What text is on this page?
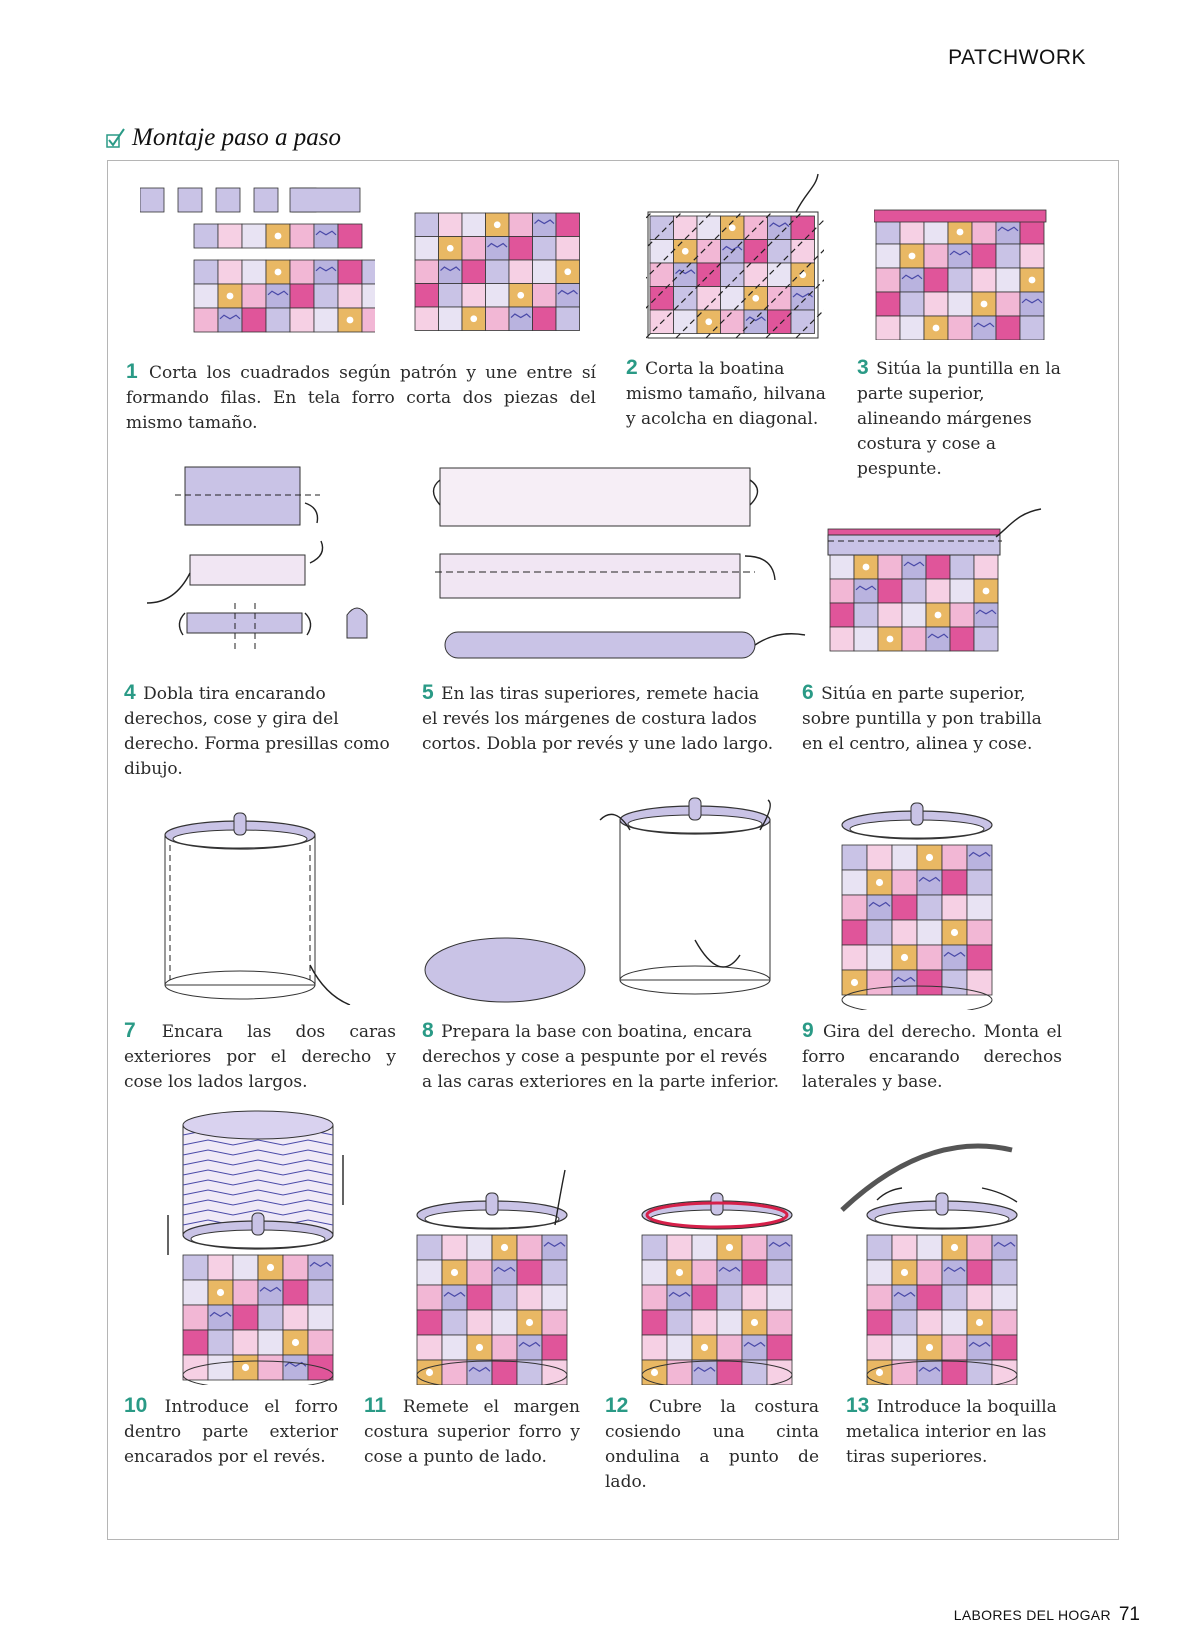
PATCHWORK
Montaje paso a paso
1 Corta los cuadrados según patrón y une entre sí formando filas. En tela forro corta dos piezas del mismo tamaño.
2 Corta la boatina mismo tamaño, hilvana y acolcha en diagonal.
3 Sitúa la puntilla en la parte superior, alineando márgenes costura y cose a pespunte.
4 Dobla tira encarando derechos, cose y gira del derecho. Forma presillas como dibujo.
5 En las tiras superiores, remete hacia el revés los márgenes de costura lados cortos. Dobla por revés y une lado largo.
6 Sitúa en parte superior, sobre puntilla y pon trabilla en el centro, alinea y cose.
7 Encara las dos caras exteriores por el derecho y cose los lados largos.
8 Prepara la base con boatina, encara derechos y cose a pespunte por el revés a las caras exteriores en la parte inferior.
9 Gira del derecho. Monta el forro encarando derechos laterales y base.
10 Introduce el forro dentro parte exterior encarados por el revés.
11 Remete el margen costura superior forro y cose a punto de lado.
12 Cubre la costura cosiendo una cinta ondulina a punto de lado.
13 Introduce la boquilla metalica interior en las tiras superiores.
LABORES DEL HOGAR 71
